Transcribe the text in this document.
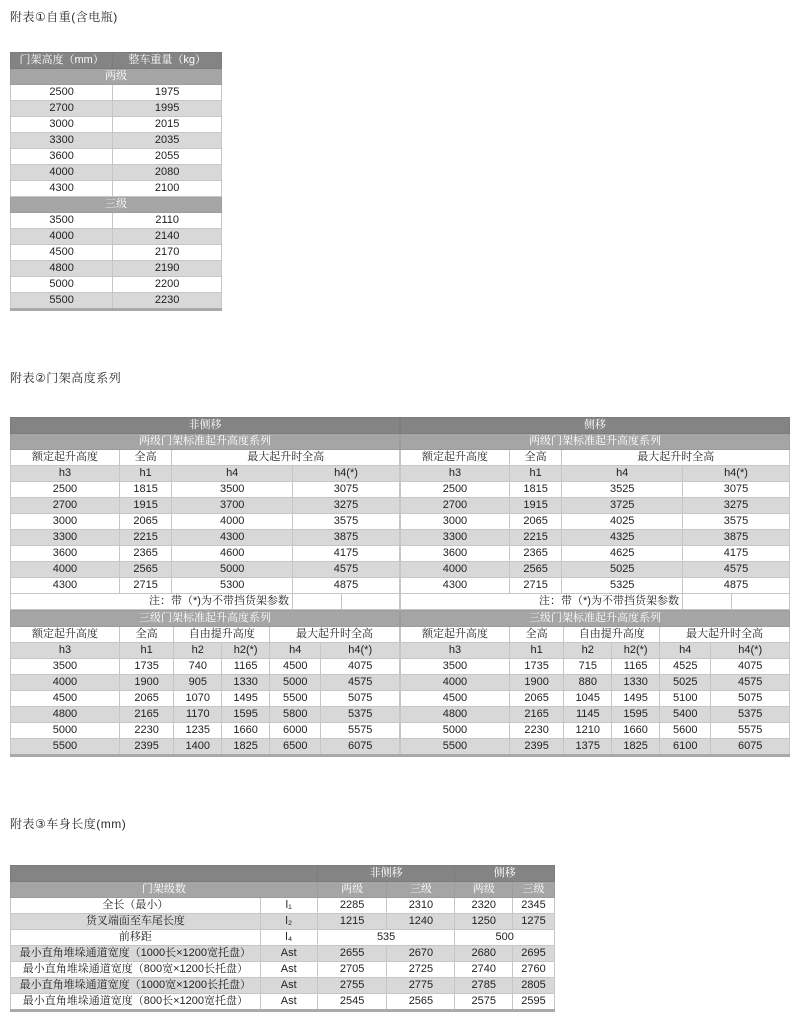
附表①自重(含电瓶)
门架高度（mm）	整车重量（kg）
两级	
2500	1975
2700	1995
3000	2015
3300	2035
3600	2055
4000	2080
4300	2100
三级	
3500	2110
4000	2140
4500	2170
4800	2190
5000	2200
5500	2230
附表②门架高度系列
非侧移				
两级门架标准起升高度系列				
额定起升高度	全高	最大起升时全高		
h3	h1	h4	h4(*)	
2500	1815	3500	3075	
2700	1915	3700	3275	
3000	2065	4000	3575	
3300	2215	4300	3875	
3600	2365	4600	4175	
4000	2565	5000	4575	
4300	2715	5300	4875	
注：带（*)为不带挡货架参数				
三级门架标准起升高度系列					
额定起升高度	全高	自由提升高度		最大起升时全高	
h3	h1	h2	h2(*)	h4	h4(*)
3500	1735	740	1165	4500	4075
4000	1900	905	1330	5000	4575
4500	2065	1070	1495	5500	5075
4800	2165	1170	1595	5800	5375
5000	2230	1235	1660	6000	5575
5500	2395	1400	1825	6500	6075
侧移				
两级门架标准起升高度系列				
额定起升高度	全高	最大起升时全高		
h3	h1	h4	h4(*)	
2500	1815	3525	3075	
2700	1915	3725	3275	
3000	2065	4025	3575	
3300	2215	4325	3875	
3600	2365	4625	4175	
4000	2565	5025	4575	
4300	2715	5325	4875	
注：带（*)为不带挡货架参数				
三级门架标准起升高度系列					
额定起升高度	全高	自由提升高度		最大起升时全高	
h3	h1	h2	h2(*)	h4	h4(*)
3500	1735	715	1165	4525	4075
4000	1900	880	1330	5025	4575
4500	2065	1045	1495	5100	5075
4800	2165	1145	1595	5400	5375
5000	2230	1210	1660	5600	5575
5500	2395	1375	1825	6100	6075
附表③车身长度(mm)
		非侧移		侧移	
门架级数		两级	三级	两级	三级
全长（最小）	l₁	2285	2310	2320	2345
货叉端面至车尾长度	l₂	1215	1240	1250	1275
前移距	l₄	535		500	
最小直角堆垛通道宽度（1000长×1200宽托盘）	Ast	2655	2670	2680	2695
最小直角堆垛通道宽度（800宽×1200长托盘）	Ast	2705	2725	2740	2760
最小直角堆垛通道宽度（1000宽×1200长托盘）	Ast	2755	2775	2785	2805
最小直角堆垛通道宽度（800长×1200宽托盘）	Ast	2545	2565	2575	2595
